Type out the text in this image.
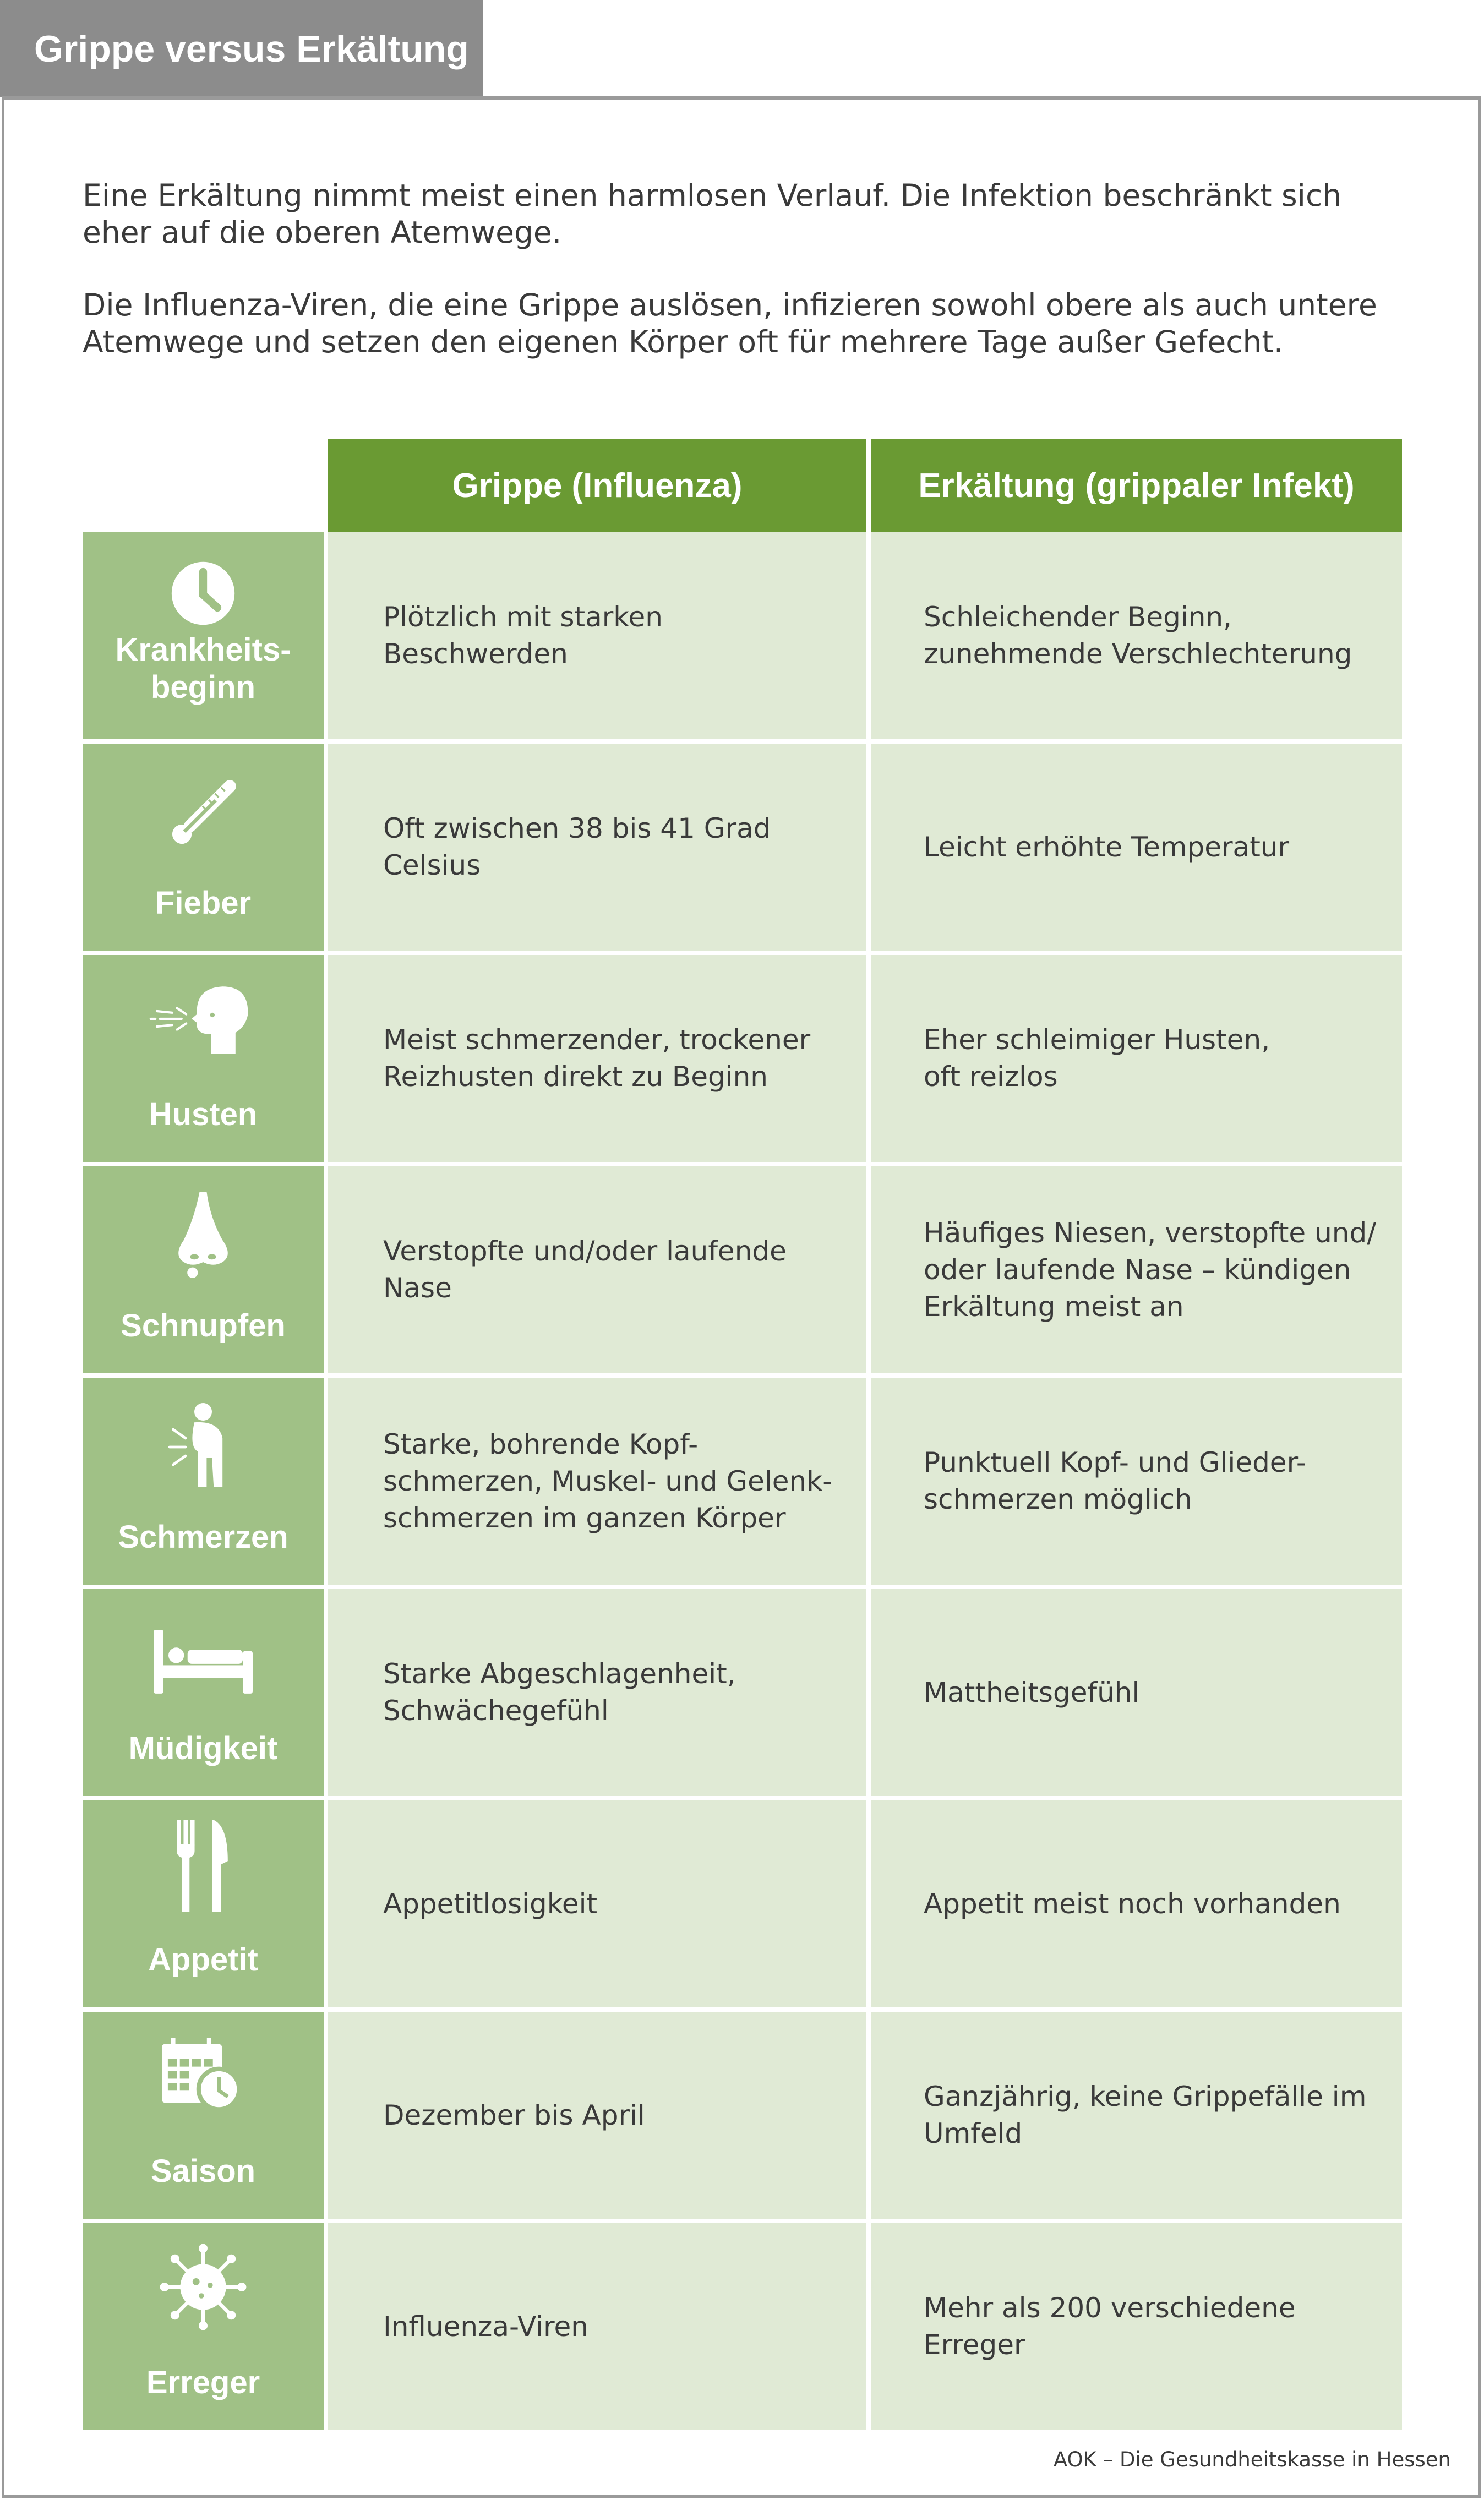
Grippe versus Erkältung

Eine Erkältung nimmt meist einen harmlosen Verlauf. Die Infektion beschränkt sich eher auf die oberen Atemwege.

Die Influenza-Viren, die eine Grippe auslösen, infizieren sowohl obere als auch untere Atemwege und setzen den eigenen Körper oft für mehrere Tage außer Gefecht.

Grippe (Influenza)	Erkältung (grippaler Infekt)
Krankheits-
beginn
Plötzlich mit starken
Beschwerden
Schleichender Beginn,
zunehmende Verschlechterung
Fieber
Oft zwischen 38 bis 41 Grad
Celsius
Leicht erhöhte Temperatur
Husten
Meist schmerzender, trockener
Reizhusten direkt zu Beginn
Eher schleimiger Husten,
oft reizlos
Schnupfen
Verstopfte und/oder laufende
Nase
Häufiges Niesen, verstopfte und/
oder laufende Nase – kündigen
Erkältung meist an
Schmerzen
Starke, bohrende Kopf-
schmerzen, Muskel- und Gelenk-
schmerzen im ganzen Körper
Punktuell Kopf- und Glieder-
schmerzen möglich
Müdigkeit
Starke Abgeschlagenheit,
Schwächegefühl
Mattheitsgefühl
Appetit
Appetitlosigkeit	Appetit meist noch vorhanden
Saison
Dezember bis April
Ganzjährig, keine Grippefälle im
Umfeld
Erreger
Influenza-Viren
Mehr als 200 verschiedene
Erreger
AOK – Die Gesundheitskasse in Hessen
